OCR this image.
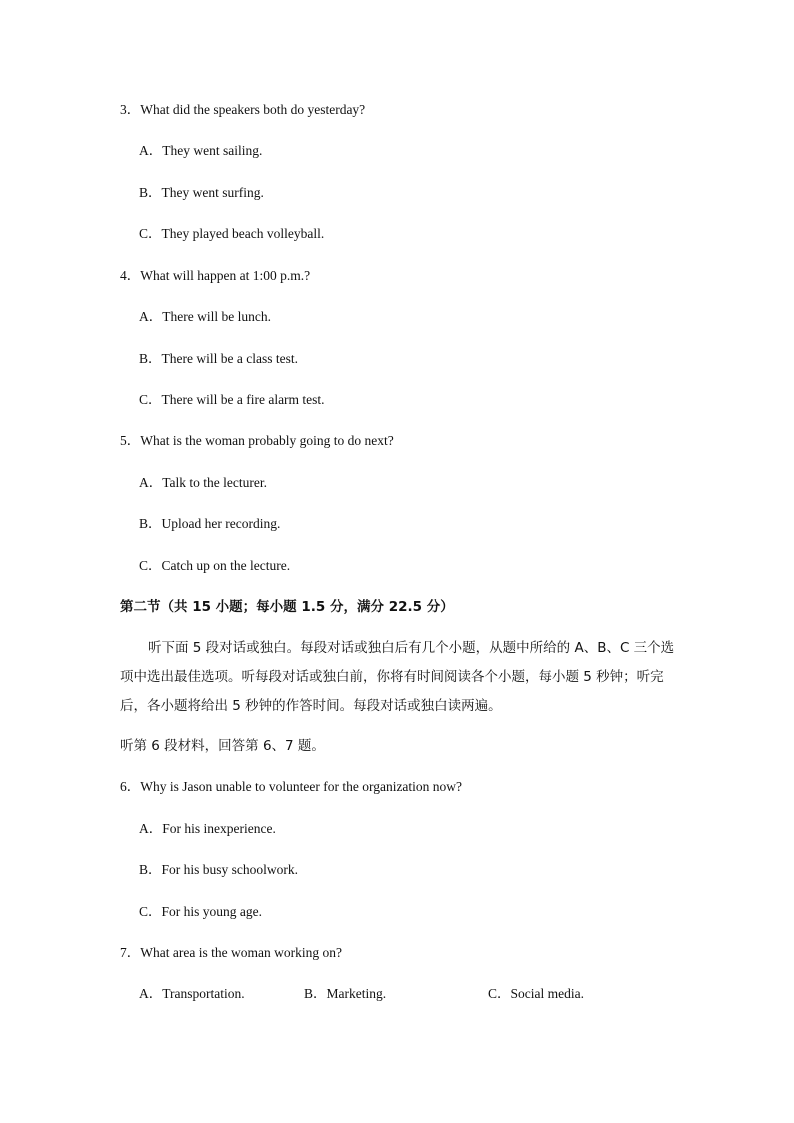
3．What did the speakers both do yesterday?
A．They went sailing.
B．They went surfing.
C．They played beach volleyball.
4．What will happen at 1:00 p.m.?
A．There will be lunch.
B．There will be a class test.
C．There will be a fire alarm test.
5．What is the woman probably going to do next?
A．Talk to the lecturer.
B．Upload her recording.
C．Catch up on the lecture.
第二节（共 15 小题；每小题 1.5 分，满分 22.5 分）
听下面 5 段对话或独白。每段对话或独白后有几个小题，从题中所给的 A、B、C 三个选项中选出最佳选项。听每段对话或独白前，你将有时间阅读各个小题，每小题 5 秒钟；听完后，各小题将给出 5 秒钟的作答时间。每段对话或独白读两遍。
听第 6 段材料，回答第 6、7 题。
6．Why is Jason unable to volunteer for the organization now?
A．For his inexperience.
B．For his busy schoolwork.
C．For his young age.
7．What area is the woman working on?
A．Transportation.	B．Marketing.	C．Social media.
